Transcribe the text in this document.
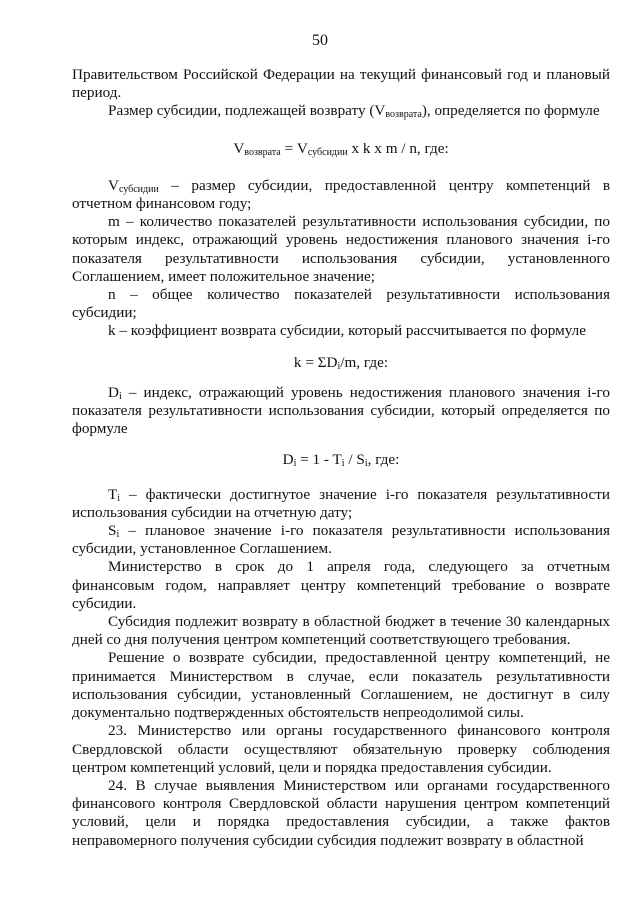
50

Правительством Российской Федерации на текущий финансовый год и плановый период.

Размер субсидии, подлежащей возврату $(V_{возврата})$, определяется по формуле

$V_{возврата} = V_{субсидии}$ x k x m / n, где:

$V_{субсидии}$ – размер субсидии, предоставленной центру компетенций в отчетном финансовом году;

m – количество показателей результативности использования субсидии, по которым индекс, отражающий уровень недостижения планового значения i-го показателя результативности использования субсидии, установленного Соглашением, имеет положительное значение;

n – общее количество показателей результативности использования субсидии;

k – коэффициент возврата субсидии, который рассчитывается по формуле

$k = \Sigma D_i/m$, где:

$D_i$ – индекс, отражающий уровень недостижения планового значения i-го показателя результативности использования субсидии, который определяется по формуле

$D_i = 1 - T_i / S_i$, где:

$T_i$ – фактически достигнутое значение i-го показателя результативности использования субсидии на отчетную дату;

$S_i$ – плановое значение i-го показателя результативности использования субсидии, установленное Соглашением.

Министерство в срок до 1 апреля года, следующего за отчетным финансовым годом, направляет центру компетенций требование о возврате субсидии.

Субсидия подлежит возврату в областной бюджет в течение 30 календарных дней со дня получения центром компетенций соответствующего требования.

Решение о возврате субсидии, предоставленной центру компетенций, не принимается Министерством в случае, если показатель результативности использования субсидии, установленный Соглашением, не достигнут в силу документально подтвержденных обстоятельств непреодолимой силы.

23. Министерство или органы государственного финансового контроля Свердловской области осуществляют обязательную проверку соблюдения центром компетенций условий, цели и порядка предоставления субсидии.

24. В случае выявления Министерством или органами государственного финансового контроля Свердловской области нарушения центром компетенций условий, цели и порядка предоставления субсидии, а также фактов неправомерного получения субсидии субсидия подлежит возврату в областной
